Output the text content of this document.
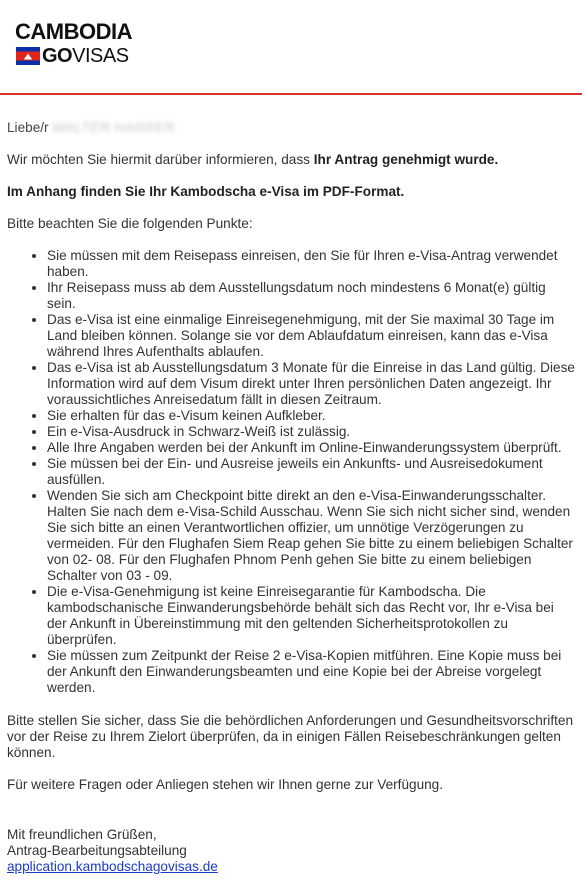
CAMBODIA
GOVISAS

Liebe/r WALTER HARRER

Wir möchten Sie hiermit darüber informieren, dass Ihr Antrag genehmigt wurde.

Im Anhang finden Sie Ihr Kambodscha e-Visa im PDF-Format.

Bitte beachten Sie die folgenden Punkte:

• Sie müssen mit dem Reisepass einreisen, den Sie für Ihren e-Visa-Antrag verwendet haben.
• Ihr Reisepass muss ab dem Ausstellungsdatum noch mindestens 6 Monat(e) gültig sein.
• Das e-Visa ist eine einmalige Einreisegenehmigung, mit der Sie maximal 30 Tage im Land bleiben können. Solange sie vor dem Ablaufdatum einreisen, kann das e-Visa während Ihres Aufenthalts ablaufen.
• Das e-Visa ist ab Ausstellungsdatum 3 Monate für die Einreise in das Land gültig. Diese Information wird auf dem Visum direkt unter Ihren persönlichen Daten angezeigt. Ihr voraussichtliches Anreisedatum fällt in diesen Zeitraum.
• Sie erhalten für das e-Visum keinen Aufkleber.
• Ein e-Visa-Ausdruck in Schwarz-Weiß ist zulässig.
• Alle Ihre Angaben werden bei der Ankunft im Online-Einwanderungssystem überprüft.
• Sie müssen bei der Ein- und Ausreise jeweils ein Ankunfts- und Ausreisedokument ausfüllen.
• Wenden Sie sich am Checkpoint bitte direkt an den e-Visa-Einwanderungsschalter. Halten Sie nach dem e-Visa-Schild Ausschau. Wenn Sie sich nicht sicher sind, wenden Sie sich bitte an einen Verantwortlichen offizier, um unnötige Verzögerungen zu vermeiden. Für den Flughafen Siem Reap gehen Sie bitte zu einem beliebigen Schalter von 02- 08. Für den Flughafen Phnom Penh gehen Sie bitte zu einem beliebigen Schalter von 03 - 09.
• Die e-Visa-Genehmigung ist keine Einreisegarantie für Kambodscha. Die kambodschanische Einwanderungsbehörde behält sich das Recht vor, Ihr e-Visa bei der Ankunft in Übereinstimmung mit den geltenden Sicherheitsprotokollen zu überprüfen.
• Sie müssen zum Zeitpunkt der Reise 2 e-Visa-Kopien mitführen. Eine Kopie muss bei der Ankunft den Einwanderungsbeamten und eine Kopie bei der Abreise vorgelegt werden.

Bitte stellen Sie sicher, dass Sie die behördlichen Anforderungen und Gesundheitsvorschriften vor der Reise zu Ihrem Zielort überprüfen, da in einigen Fällen Reisebeschränkungen gelten können.

Für weitere Fragen oder Anliegen stehen wir Ihnen gerne zur Verfügung.

Mit freundlichen Grüßen,

Antrag-Bearbeitungsabteilung

application.kambodschagovisas.de
